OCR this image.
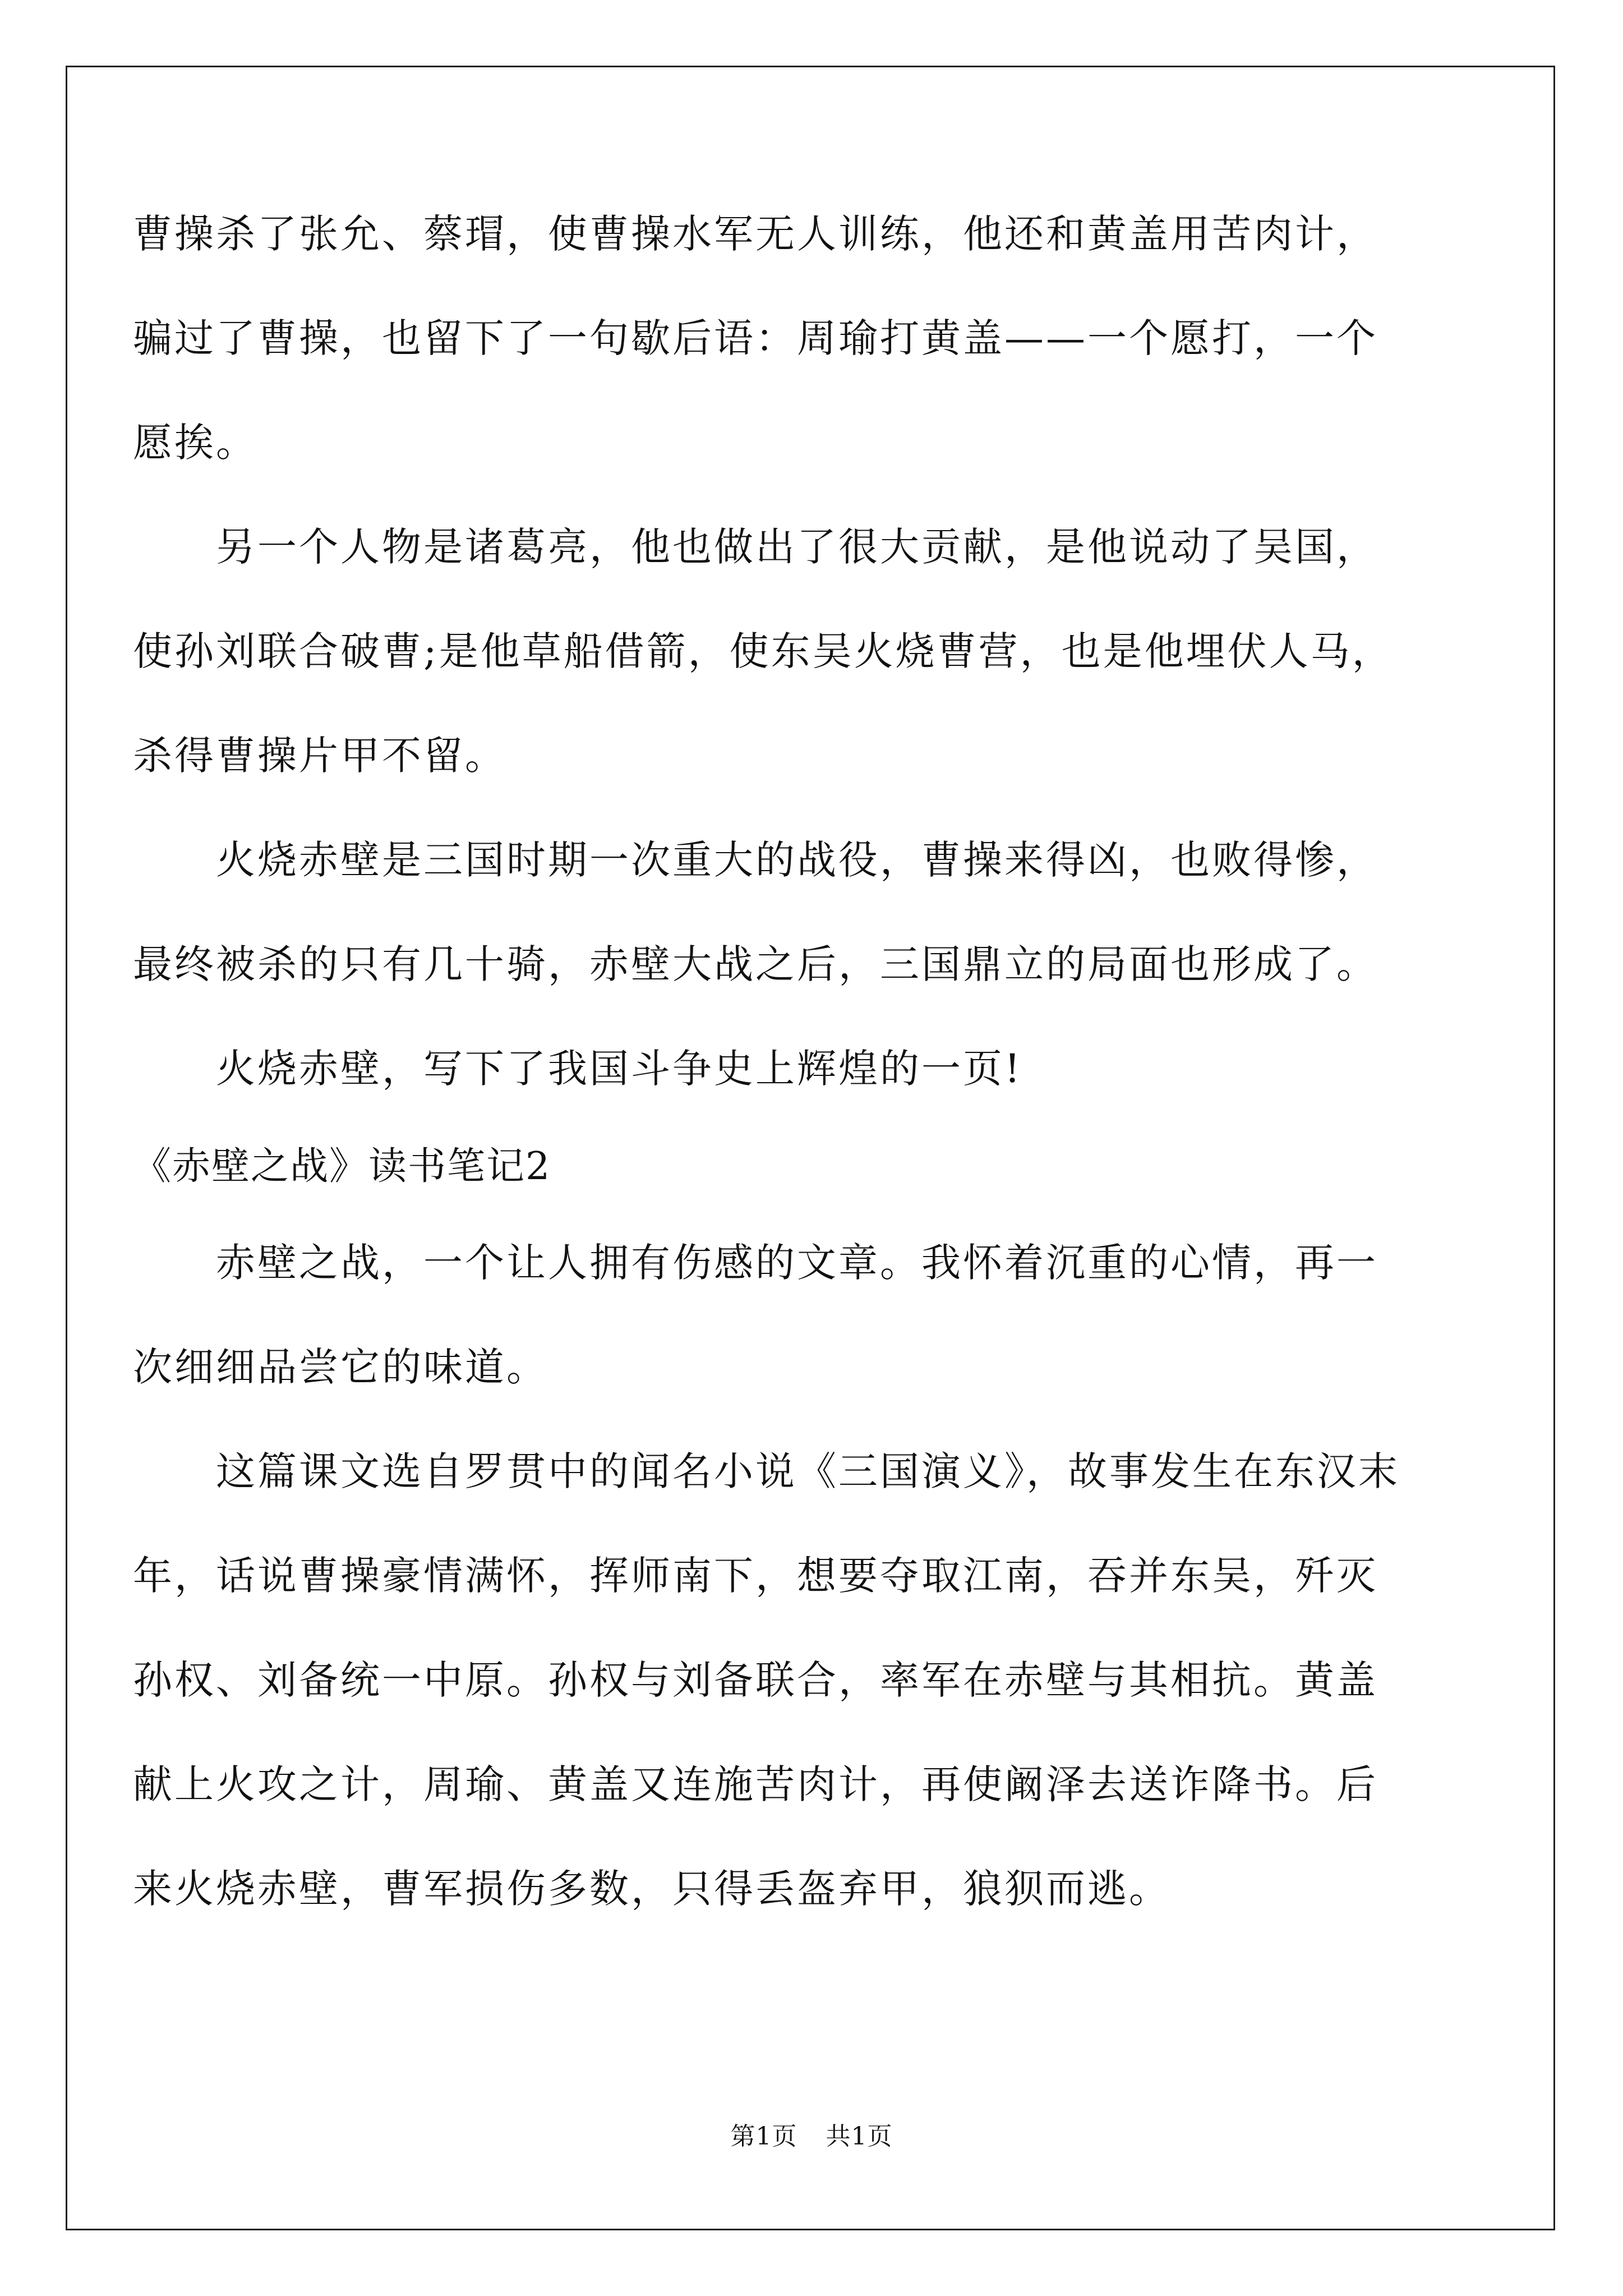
曹操杀了张允、蔡瑁，使曹操水军无人训练，他还和黄盖用苦肉计，
骗过了曹操，也留下了一句歇后语：周瑜打黄盖——一个愿打，一个
愿挨。
　　另一个人物是诸葛亮，他也做出了很大贡献，是他说动了吴国，
使孙刘联合破曹;是他草船借箭，使东吴火烧曹营，也是他埋伏人马，
杀得曹操片甲不留。
　　火烧赤壁是三国时期一次重大的战役，曹操来得凶，也败得惨，
最终被杀的只有几十骑，赤壁大战之后，三国鼎立的局面也形成了。
　　火烧赤壁，写下了我国斗争史上辉煌的一页!
《赤壁之战》读书笔记2
　　赤壁之战，一个让人拥有伤感的文章。我怀着沉重的心情，再一
次细细品尝它的味道。
　　这篇课文选自罗贯中的闻名小说《三国演义》，故事发生在东汉末
年，话说曹操豪情满怀，挥师南下，想要夺取江南，吞并东吴，歼灭
孙权、刘备统一中原。孙权与刘备联合，率军在赤壁与其相抗。黄盖
献上火攻之计，周瑜、黄盖又连施苦肉计，再使阚泽去送诈降书。后
来火烧赤壁，曹军损伤多数，只得丢盔弃甲，狼狈而逃。
第1页 共1页
